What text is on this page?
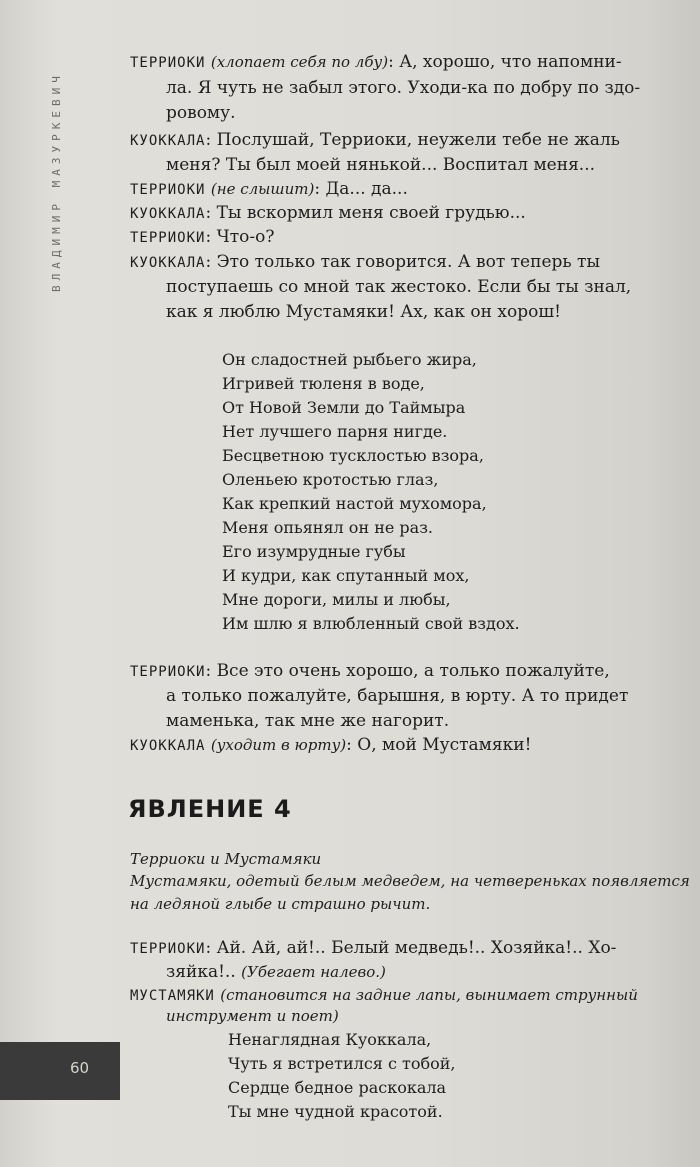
ВЛАДИМИР МАЗУРКЕВИЧ
60
ТЕРРИОКИ (хлопает себя по лбу): А, хорошо, что напомни-
ла. Я чуть не забыл этого. Уходи-ка по добру по здо-
ровому.
КУОККАЛА: Послушай, Терриоки, неужели тебе не жаль
меня? Ты был моей нянькой... Воспитал меня...
ТЕРРИОКИ (не слышит): Да... да...
КУОККАЛА: Ты вскормил меня своей грудью...
ТЕРРИОКИ: Что-о?
КУОККАЛА: Это только так говорится. А вот теперь ты
поступаешь со мной так жестоко. Если бы ты знал,
как я люблю Мустамяки! Ах, как он хорош!
Он сладостней рыбьего жира,
Игривей тюленя в воде,
От Новой Земли до Таймыра
Нет лучшего парня нигде.
Бесцветною тусклостью взора,
Оленьею кротостью глаз,
Как крепкий настой мухомора,
Меня опьянял он не раз.
Его изумрудные губы
И кудри, как спутанный мох,
Мне дороги, милы и любы,
Им шлю я влюбленный свой вздох.
ТЕРРИОКИ: Все это очень хорошо, а только пожалуйте,
а только пожалуйте, барышня, в юрту. А то придет
маменька, так мне же нагорит.
КУОККАЛА (уходит в юрту): О, мой Мустамяки!
ЯВЛЕНИЕ 4
Терриоки и Мустамяки
Мустамяки, одетый белым медведем, на четвереньках появляется
на ледяной глыбе и страшно рычит.
ТЕРРИОКИ: Ай. Ай, ай!.. Белый медведь!.. Хозяйка!.. Хо-
зяйка!.. (Убегает налево.)
МУСТАМЯКИ (становится на задние лапы, вынимает струнный
инструмент и поет)
Ненаглядная Куоккала,
Чуть я встретился с тобой,
Сердце бедное раскокала
Ты мне чудной красотой.
